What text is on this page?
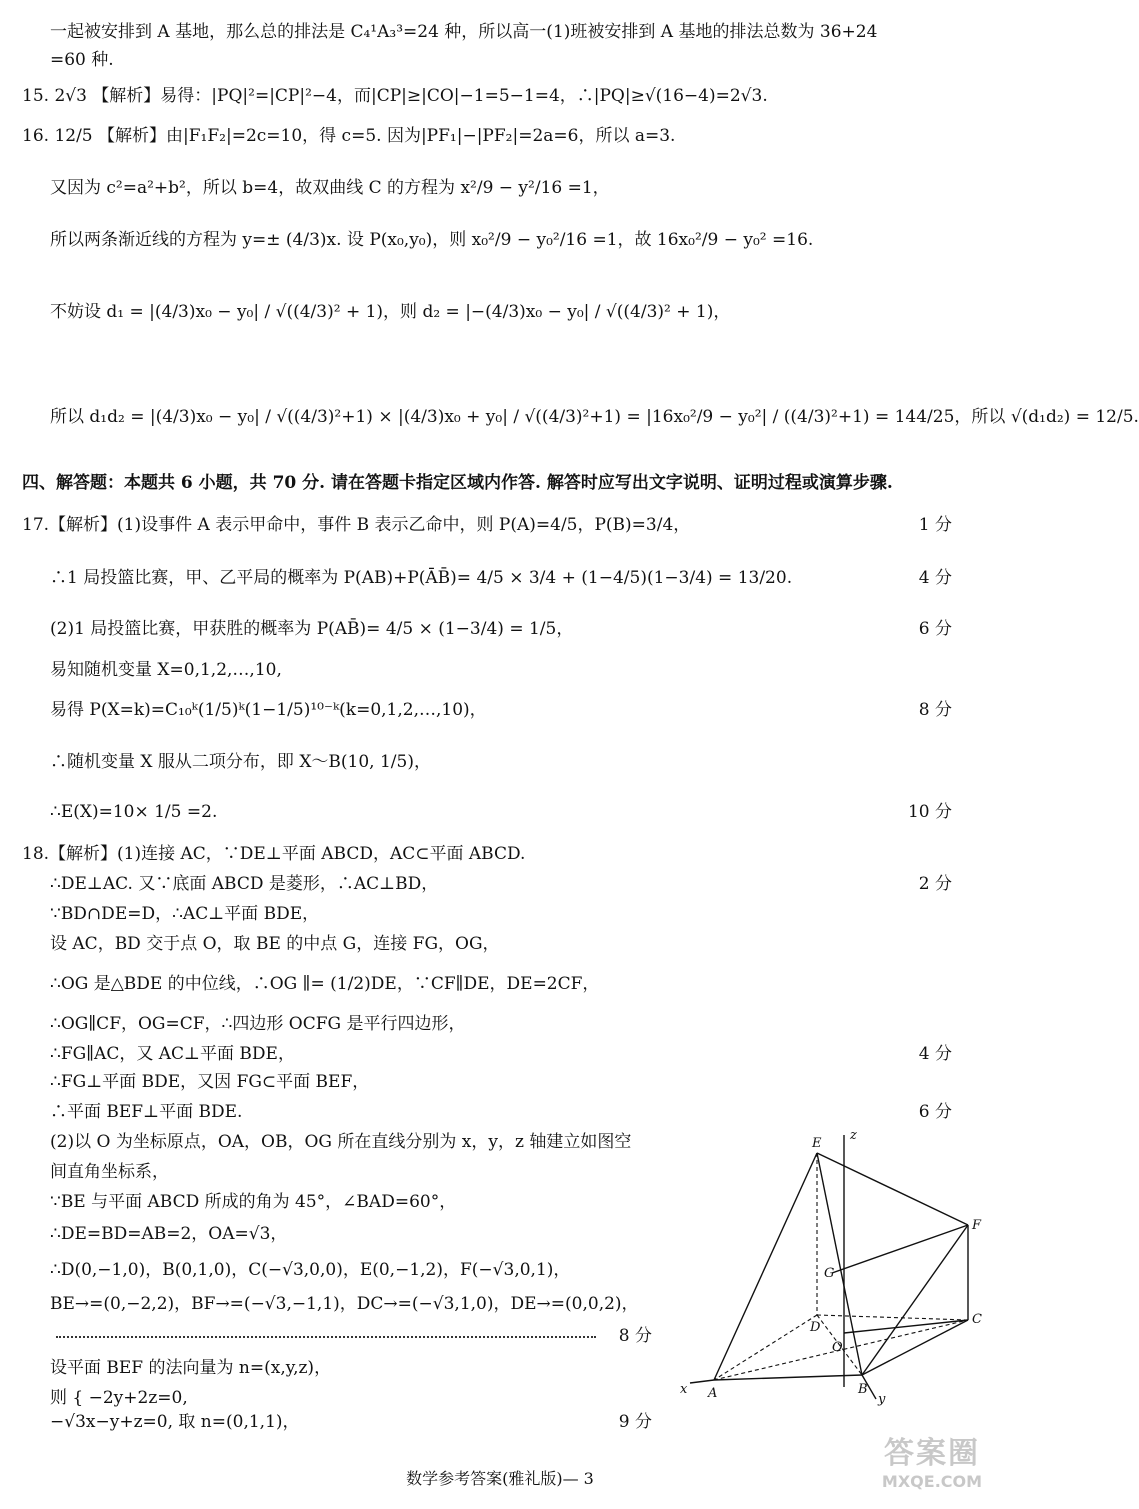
一起被安排到 A 基地，那么总的排法是 C₄¹A₃³=24 种，所以高一(1)班被安排到 A 基地的排法总数为 36+24
=60 种.
15. 2√3 【解析】易得：|PQ|²=|CP|²−4，而|CP|≥|CO|−1=5−1=4，∴|PQ|≥√(16−4)=2√3.
16. 12/5 【解析】由|F₁F₂|=2c=10，得 c=5. 因为|PF₁|−|PF₂|=2a=6，所以 a=3.
又因为 c²=a²+b²，所以 b=4，故双曲线 C 的方程为 x²/9 − y²/16 =1，
所以两条渐近线的方程为 y=± (4/3)x. 设 P(x₀,y₀)，则 x₀²/9 − y₀²/16 =1，故 16x₀²/9 − y₀² =16.
不妨设 d₁ = |(4/3)x₀ − y₀| / √((4/3)² + 1)，则 d₂ = |−(4/3)x₀ − y₀| / √((4/3)² + 1)，
所以 d₁d₂ = |(4/3)x₀ − y₀| / √((4/3)²+1) × |(4/3)x₀ + y₀| / √((4/3)²+1) = |16x₀²/9 − y₀²| / ((4/3)²+1) = 144/25，所以 √(d₁d₂) = 12/5.
四、解答题：本题共 6 小题，共 70 分. 请在答题卡指定区域内作答. 解答时应写出文字说明、证明过程或演算步骤.
17.【解析】(1)设事件 A 表示甲命中，事件 B 表示乙命中，则 P(A)=4/5，P(B)=3/4，	1 分
∴1 局投篮比赛，甲、乙平局的概率为 P(AB)+P(ĀB̄)= 4/5 × 3/4 + (1−4/5)(1−3/4) = 13/20.	4 分
(2)1 局投篮比赛，甲获胜的概率为 P(AB̄)= 4/5 × (1−3/4) = 1/5，	6 分
易知随机变量 X=0,1,2,…,10,
易得 P(X=k)=C₁₀ᵏ(1/5)ᵏ(1−1/5)¹⁰⁻ᵏ(k=0,1,2,…,10)，	8 分
∴随机变量 X 服从二项分布，即 X～B(10, 1/5)，
∴E(X)=10× 1/5 =2.	10 分
18.【解析】(1)连接 AC，∵DE⊥平面 ABCD，AC⊂平面 ABCD.
∴DE⊥AC. 又∵底面 ABCD 是菱形，∴AC⊥BD，	2 分
∵BD∩DE=D，∴AC⊥平面 BDE，
设 AC，BD 交于点 O，取 BE 的中点 G，连接 FG，OG，
∴OG 是△BDE 的中位线，∴OG ∥= (1/2)DE，∵CF∥DE，DE=2CF，
∴OG∥CF，OG=CF，∴四边形 OCFG 是平行四边形，
∴FG∥AC，又 AC⊥平面 BDE，	4 分
∴FG⊥平面 BDE，又因 FG⊂平面 BEF，
∴平面 BEF⊥平面 BDE.	6 分
(2)以 O 为坐标原点，OA，OB，OG 所在直线分别为 x，y，z 轴建立如图空
间直角坐标系，
∵BE 与平面 ABCD 所成的角为 45°，∠BAD=60°，
∴DE=BD=AB=2，OA=√3，
∴D(0,−1,0)，B(0,1,0)，C(−√3,0,0)，E(0,−1,2)，F(−√3,0,1)，
BE→=(0,−2,2)，BF→=(−√3,−1,1)，DC→=(−√3,1,0)，DE→=(0,0,2)，
8 分
设平面 BEF 的法向量为 n=(x,y,z)，
则 { −2y+2z=0,
−√3x−y+z=0, 取 n=(0,1,1)，	9 分
E
F
G
D
O
C
A	B
x
y
z
数学参考答案(雅礼版)— 3
答案圈
MXQE.COM
